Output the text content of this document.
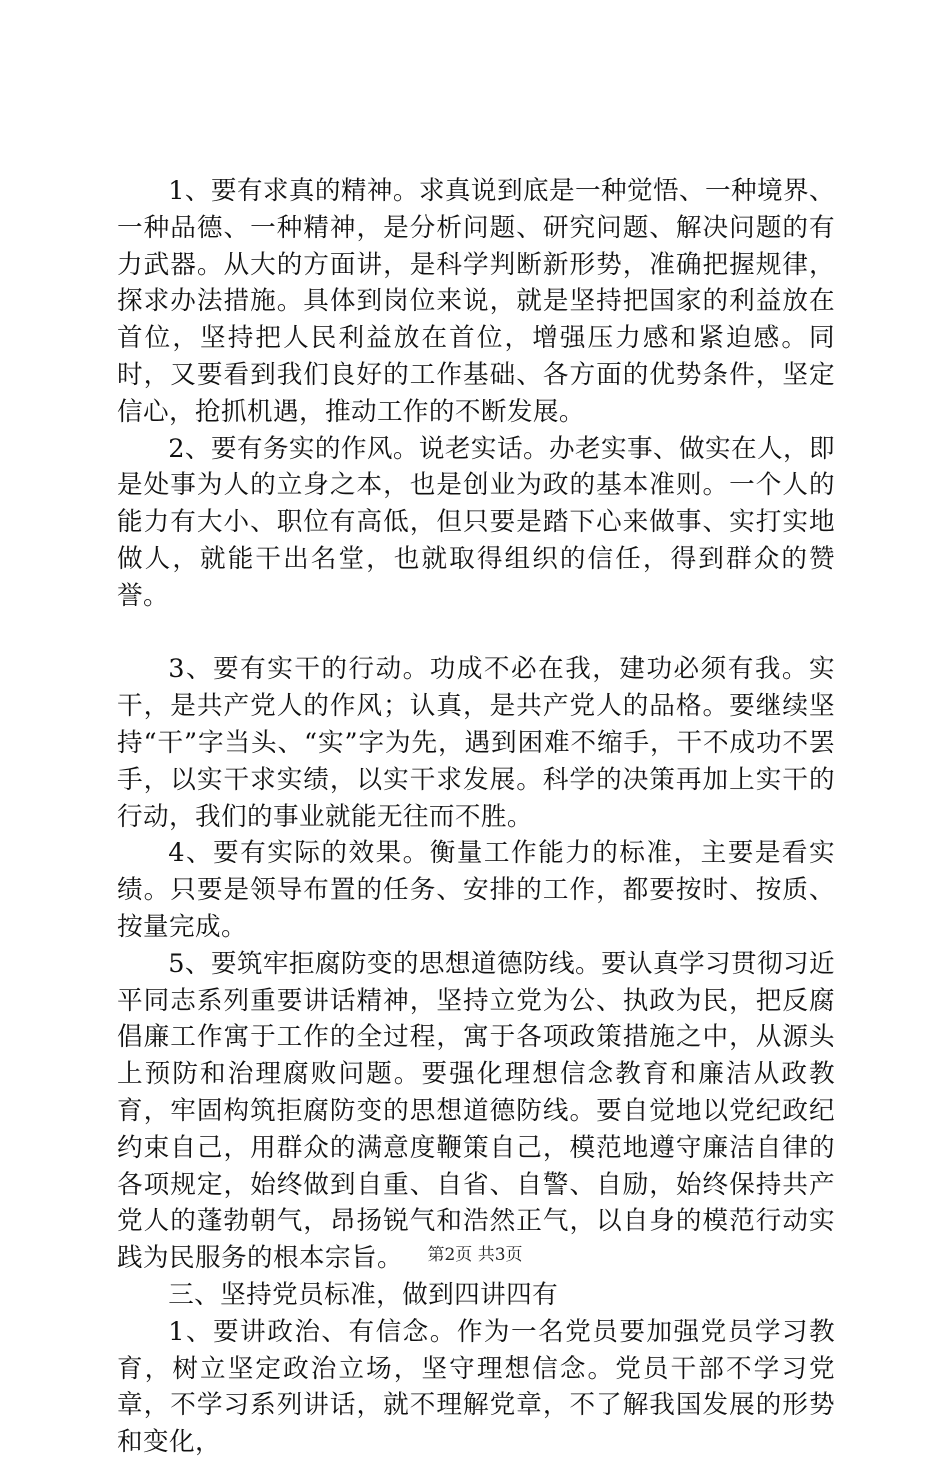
1、要有求真的精神。求真说到底是一种觉悟、一种境界、一种品德、一种精神，是分析问题、研究问题、解决问题的有力武器。从大的方面讲，是科学判断新形势，准确把握规律，探求办法措施。具体到岗位来说，就是坚持把国家的利益放在首位，坚持把人民利益放在首位，增强压力感和紧迫感。同时，又要看到我们良好的工作基础、各方面的优势条件，坚定信心，抢抓机遇，推动工作的不断发展。

2、要有务实的作风。说老实话。办老实事、做实在人，即是处事为人的立身之本，也是创业为政的基本准则。一个人的能力有大小、职位有高低，但只要是踏下心来做事、实打实地做人，就能干出名堂，也就取得组织的信任，得到群众的赞誉。

3、要有实干的行动。功成不必在我，建功必须有我。实干，是共产党人的作风；认真，是共产党人的品格。要继续坚持“干”字当头、“实”字为先，遇到困难不缩手，干不成功不罢手，以实干求实绩，以实干求发展。科学的决策再加上实干的行动，我们的事业就能无往而不胜。

4、要有实际的效果。衡量工作能力的标准，主要是看实绩。只要是领导布置的任务、安排的工作，都要按时、按质、按量完成。

5、要筑牢拒腐防变的思想道德防线。要认真学习贯彻习近平同志系列重要讲话精神，坚持立党为公、执政为民，把反腐倡廉工作寓于工作的全过程，寓于各项政策措施之中，从源头上预防和治理腐败问题。要强化理想信念教育和廉洁从政教育，牢固构筑拒腐防变的思想道德防线。要自觉地以党纪政纪约束自己，用群众的满意度鞭策自己，模范地遵守廉洁自律的各项规定，始终做到自重、自省、自警、自励，始终保持共产党人的蓬勃朝气，昂扬锐气和浩然正气，以自身的模范行动实践为民服务的根本宗旨。

三、坚持党员标准，做到四讲四有

1、要讲政治、有信念。作为一名党员要加强党员学习教育，树立坚定政治立场，坚守理想信念。党员干部不学习党章，不学习系列讲话，就不理解党章，不了解我国发展的形势和变化，

第2页 共3页
